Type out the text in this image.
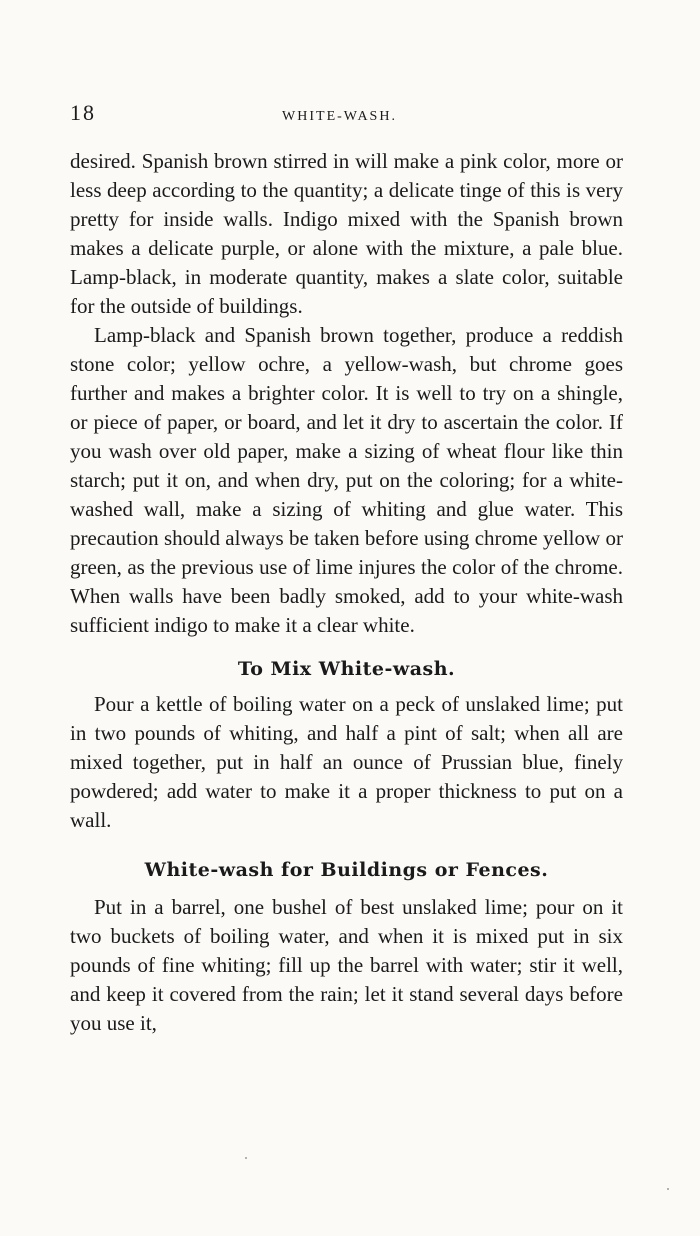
18	WHITE-WASH.

desired. Spanish brown stirred in will make a pink color, more or less deep according to the quantity; a delicate tinge of this is very pretty for inside walls. Indigo mixed with the Spanish brown makes a delicate purple, or alone with the mixture, a pale blue. Lamp-black, in moderate quantity, makes a slate color, suitable for the outside of buildings.

Lamp-black and Spanish brown together, produce a reddish stone color; yellow ochre, a yellow-wash, but chrome goes further and makes a brighter color. It is well to try on a shingle, or piece of paper, or board, and let it dry to ascertain the color. If you wash over old paper, make a sizing of wheat flour like thin starch; put it on, and when dry, put on the coloring; for a white-washed wall, make a sizing of whiting and glue water. This precaution should always be taken before using chrome yellow or green, as the previous use of lime injures the color of the chrome. When walls have been badly smoked, add to your white-wash sufficient indigo to make it a clear white.

To Mix White-wash.

Pour a kettle of boiling water on a peck of unslaked lime; put in two pounds of whiting, and half a pint of salt; when all are mixed together, put in half an ounce of Prussian blue, finely powdered; add water to make it a proper thickness to put on a wall.

White-wash for Buildings or Fences.

Put in a barrel, one bushel of best unslaked lime; pour on it two buckets of boiling water, and when it is mixed put in six pounds of fine whiting; fill up the barrel with water; stir it well, and keep it covered from the rain; let it stand several days before you use it,
